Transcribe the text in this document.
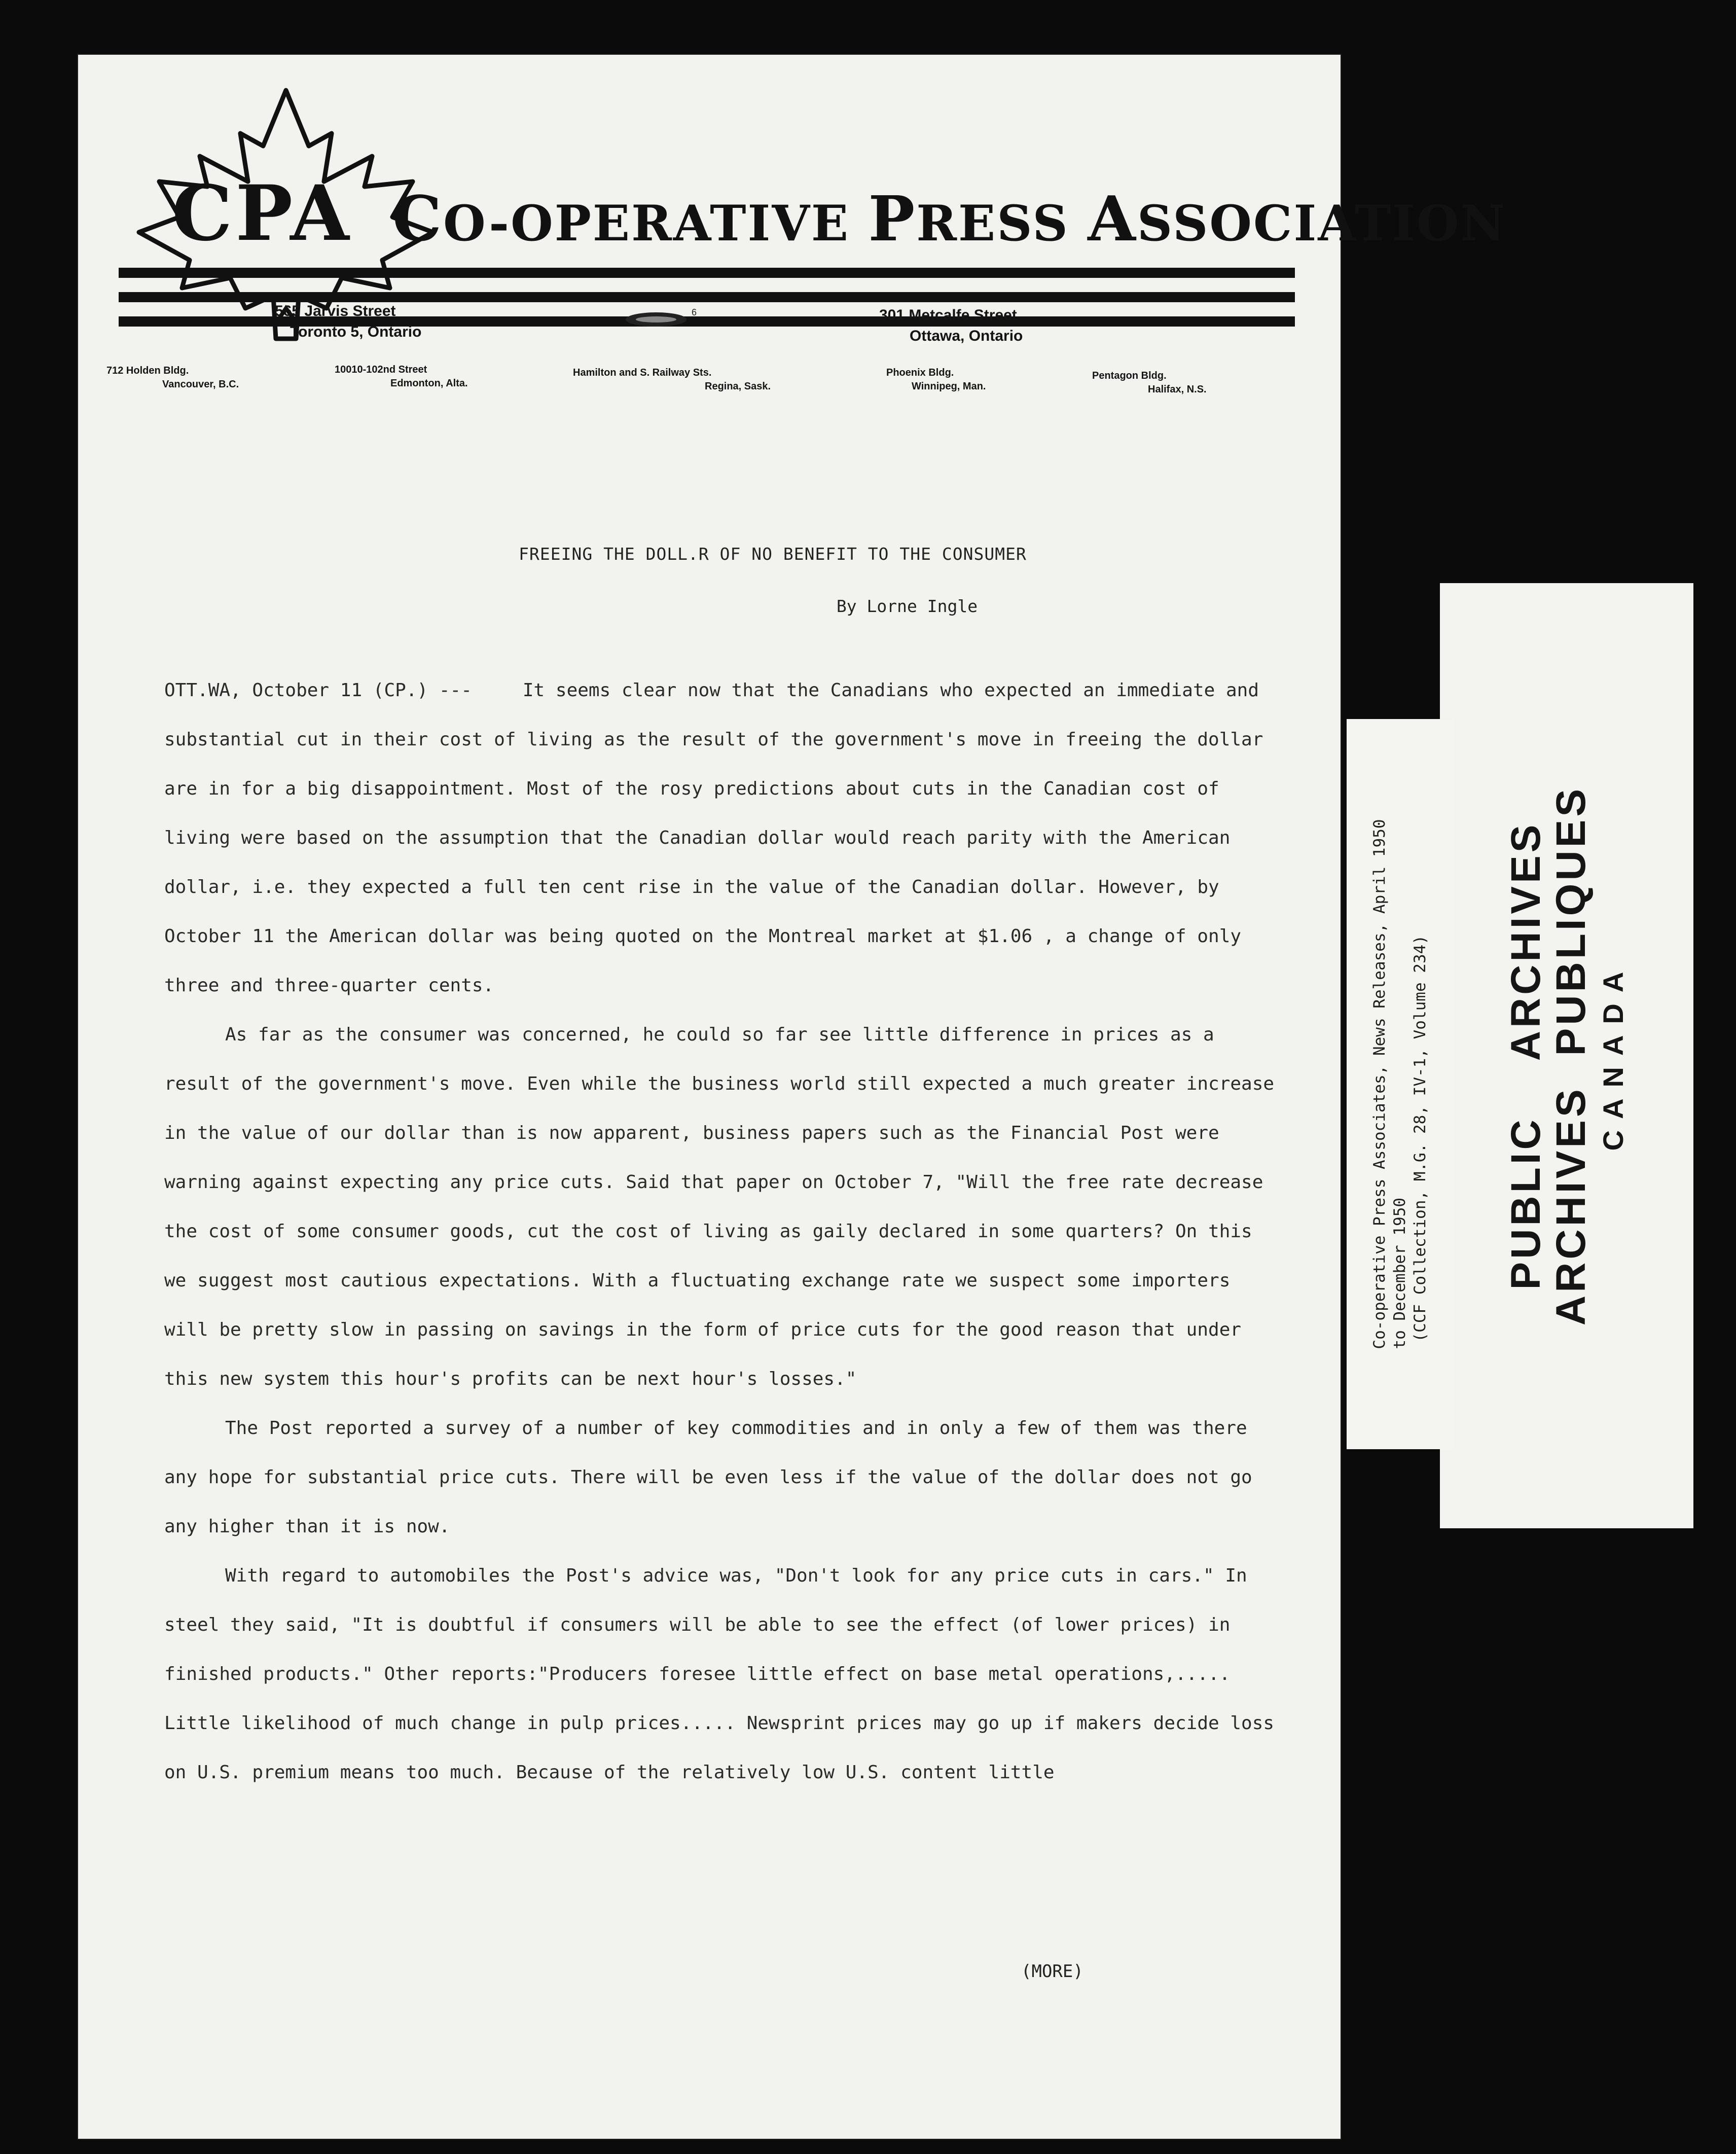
CPA CO-OPERATIVE PRESS ASSOCIATION
565 Jarvis Street
Toronto 5, Ontario
6	301 Metcalfe Street
Ottawa, Ontario
712 Holden Bldg.
Vancouver, B.C.
10010-102nd Street
Edmonton, Alta.
Hamilton and S. Railway Sts.
Regina, Sask.
Phoenix Bldg.
Winnipeg, Man.
Pentagon Bldg.
Halifax, N.S.
FREEING THE DOLL.R OF NO BENEFIT TO THE CONSUMER
By Lorne Ingle

OTT.WA, October 11 (CP.) ---	It seems clear now that the Canadians who expected an immediate and substantial cut in their cost of living as the result of the government's move in freeing the dollar are in for a big disappointment. Most of the rosy predictions about cuts in the Canadian cost of living were based on the assumption that the Canadian dollar would reach parity with the American dollar, i.e. they expected a full ten cent rise in the value of the Canadian dollar. However, by October 11 the American dollar was being quoted on the Montreal market at $1.06 , a change of only three and three-quarter cents.

As far as the consumer was concerned, he could so far see little difference in prices as a result of the government's move. Even while the business world still expected a much greater increase in the value of our dollar than is now apparent, business papers such as the Financial Post were warning against expecting any price cuts. Said that paper on October 7, "Will the free rate decrease the cost of some consumer goods, cut the cost of living as gaily declared in some quarters? On this we suggest most cautious expectations. With a fluctuating exchange rate we suspect some importers will be pretty slow in passing on savings in the form of price cuts for the good reason that under this new system this hour's profits can be next hour's losses."

The Post reported a survey of a number of key commodities and in only a few of them was there any hope for substantial price cuts. There will be even less if the value of the dollar does not go any higher than it is now.

With regard to automobiles the Post's advice was, "Don't look for any price cuts in cars." In steel they said, "It is doubtful if consumers will be able to see the effect (of lower prices) in finished products." Other reports:"Producers foresee little effect on base metal operations,..... Little likelihood of much change in pulp prices..... Newsprint prices may go up if makers decide loss on U.S. premium means too much. Because of the relatively low U.S. content little

(MORE)
PUBLICARCHIVES
ARCHIVESPUBLIQUES CANADA
Co-operative Press Associates, News Releases, April 1950 to December 1950 (CCF Collection, M.G. 28, IV-1, Volume 234)
